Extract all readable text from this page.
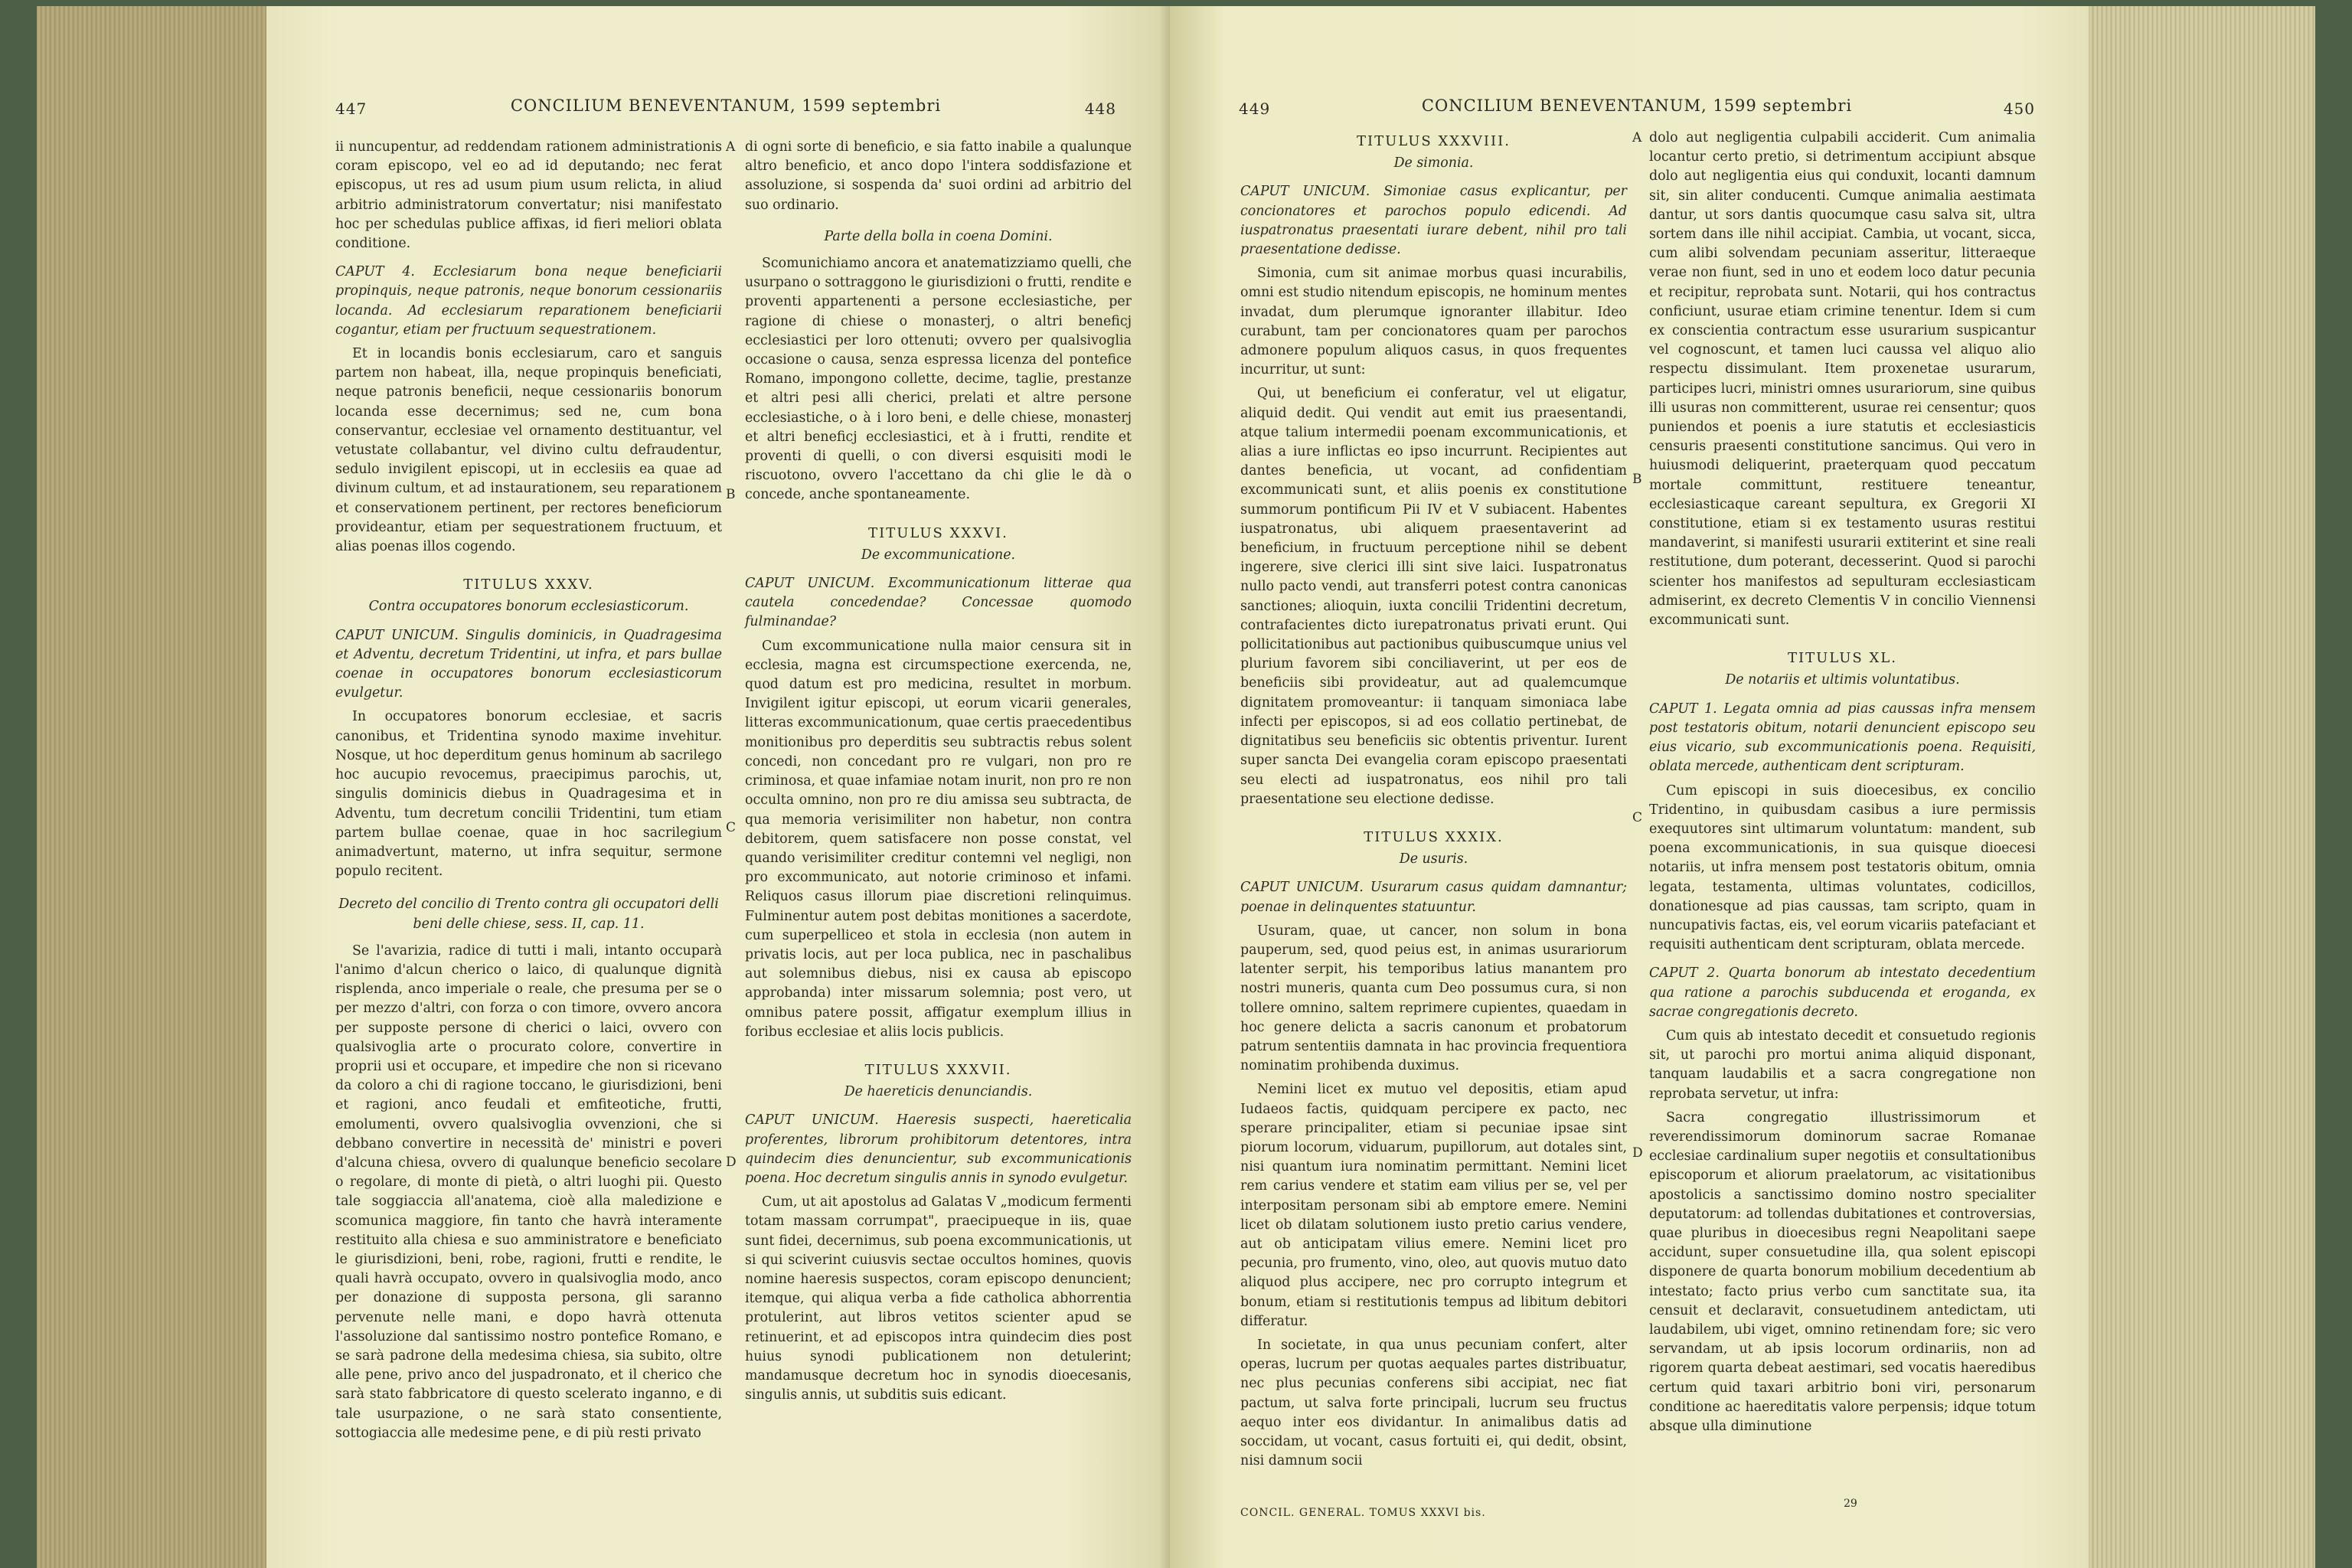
447	CONCILIUM BENEVENTANUM, 1599 septembri	448

ii nuncupentur, ad reddendam rationem administrationis coram episcopo, vel eo ad id deputando; nec ferat episcopus, ut res ad usum pium usum relicta, in aliud arbitrio administratorum convertatur; nisi manifestato hoc per schedulas publice affixas, id fieri meliori oblata conditione.

CAPUT 4. Ecclesiarum bona neque beneficiarii propinquis, neque patronis, neque bonorum cessionariis locanda. Ad ecclesiarum reparationem beneficiarii cogantur, etiam per fructuum sequestrationem.

Et in locandis bonis ecclesiarum, caro et sanguis partem non habeat, illa, neque propinquis beneficiati, neque patronis beneficii, neque cessionariis bonorum locanda esse decernimus; sed ne, cum bona conservantur, ecclesiae vel ornamento destituantur, vel vetustate collabantur, vel divino cultu defraudentur, sedulo invigilent episcopi, ut in ecclesiis ea quae ad divinum cultum, et ad instaurationem, seu reparationem et conservationem pertinent, per rectores beneficiorum provideantur, etiam per sequestrationem fructuum, et alias poenas illos cogendo.

TITULUS XXXV.
Contra occupatores bonorum ecclesiasticorum.

CAPUT UNICUM. Singulis dominicis, in Quadragesima et Adventu, decretum Tridentini, ut infra, et pars bullae coenae in occupatores bonorum ecclesiasticorum evulgetur.

In occupatores bonorum ecclesiae, et sacris canonibus, et Tridentina synodo maxime invehitur. Nosque, ut hoc deperditum genus hominum ab sacrilego hoc aucupio revocemus, praecipimus parochis, ut, singulis dominicis diebus in Quadragesima et in Adventu, tum decretum concilii Tridentini, tum etiam partem bullae coenae, quae in hoc sacrilegium animadvertunt, materno, ut infra sequitur, sermone populo recitent.

Decreto del concilio di Trento contra gli occupatori delli beni delle chiese, sess. II, cap. 11.

Se l'avarizia, radice di tutti i mali, intanto occuparà l'animo d'alcun cherico o laico, di qualunque dignità risplenda, anco imperiale o reale, che presuma per se o per mezzo d'altri, con forza o con timore, ovvero ancora per supposte persone di cherici o laici, ovvero con qualsivoglia arte o procurato colore, convertire in proprii usi et occupare, et impedire che non si ricevano da coloro a chi di ragione toccano, le giurisdizioni, beni et ragioni, anco feudali et emfiteotiche, frutti, emolumenti, ovvero qualsivoglia ovvenzioni, che si debbano convertire in necessità de' ministri e poveri d'alcuna chiesa, ovvero di qualunque beneficio secolare o regolare, di monte di pietà, o altri luoghi pii. Questo tale soggiaccia all'anatema, cioè alla maledizione e scomunica maggiore, fin tanto che havrà interamente restituito alla chiesa e suo amministratore e beneficiato le giurisdizioni, beni, robe, ragioni, frutti e rendite, le quali havrà occupato, ovvero in qualsivoglia modo, anco per donazione di supposta persona, gli saranno pervenute nelle mani, e dopo havrà ottenuta l'assoluzione dal santissimo nostro pontefice Romano, e se sarà padrone della medesima chiesa, sia subito, oltre alle pene, privo anco del juspadronato, et il cherico che sarà stato fabbricatore di questo scelerato inganno, e di tale usurpazione, o ne sarà stato consentiente, sottogiaccia alle medesime pene, e di più resti privato

di ogni sorte di beneficio, e sia fatto inabile a qualunque altro beneficio, et anco dopo l'intera soddisfazione et assoluzione, si sospenda da' suoi ordini ad arbitrio del suo ordinario.

Parte della bolla in coena Domini.

Scomunichiamo ancora et anatematizziamo quelli, che usurpano o sottraggono le giurisdizioni o frutti, rendite e proventi appartenenti a persone ecclesiastiche, per ragione di chiese o monasterj, o altri beneficj ecclesiastici per loro ottenuti; ovvero per qualsivoglia occasione o causa, senza espressa licenza del pontefice Romano, impongono collette, decime, taglie, prestanze et altri pesi alli cherici, prelati et altre persone ecclesiastiche, o à i loro beni, e delle chiese, monasterj et altri beneficj ecclesiastici, et à i frutti, rendite et proventi di quelli, o con diversi esquisiti modi le riscuotono, ovvero l'accettano da chi glie le dà o concede, anche spontaneamente.

TITULUS XXXVI.
De excommunicatione.

CAPUT UNICUM. Excommunicationum litterae qua cautela concedendae? Concessae quomodo fulminandae?

Cum excommunicatione nulla maior censura sit in ecclesia, magna est circumspectione exercenda, ne, quod datum est pro medicina, resultet in morbum. Invigilent igitur episcopi, ut eorum vicarii generales, litteras excommunicationum, quae certis praecedentibus monitionibus pro deperditis seu subtractis rebus solent concedi, non concedant pro re vulgari, non pro re criminosa, et quae infamiae notam inurit, non pro re non occulta omnino, non pro re diu amissa seu subtracta, de qua memoria verisimiliter non habetur, non contra debitorem, quem satisfacere non posse constat, vel quando verisimiliter creditur contemni vel negligi, non pro excommunicato, aut notorie criminoso et infami. Reliquos casus illorum piae discretioni relinquimus. Fulminentur autem post debitas monitiones a sacerdote, cum superpelliceo et stola in ecclesia (non autem in privatis locis, aut per loca publica, nec in paschalibus aut solemnibus diebus, nisi ex causa ab episcopo approbanda) inter missarum solemnia; post vero, ut omnibus patere possit, affigatur exemplum illius in foribus ecclesiae et aliis locis publicis.

TITULUS XXXVII.
De haereticis denunciandis.

CAPUT UNICUM. Haeresis suspecti, haereticalia proferentes, librorum prohibitorum detentores, intra quindecim dies denuncientur, sub excommunicationis poena. Hoc decretum singulis annis in synodo evulgetur.

Cum, ut ait apostolus ad Galatas V „modicum fermenti totam massam corrumpat", praecipueque in iis, quae sunt fidei, decernimus, sub poena excommunicationis, ut si qui sciverint cuiusvis sectae occultos homines, quovis nomine haeresis suspectos, coram episcopo denuncient; itemque, qui aliqua verba a fide catholica abhorrentia protulerint, aut libros vetitos scienter apud se retinuerint, et ad episcopos intra quindecim dies post huius synodi publicationem non detulerint; mandamusque decretum hoc in synodis dioecesanis, singulis annis, ut subditis suis edicant.

A
B
C
D
449	CONCILIUM BENEVENTANUM, 1599 septembri	450
TITULUS XXXVIII.
De simonia.

CAPUT UNICUM. Simoniae casus explicantur, per concionatores et parochos populo edicendi. Ad iuspatronatus praesentati iurare debent, nihil pro tali praesentatione dedisse.

Simonia, cum sit animae morbus quasi incurabilis, omni est studio nitendum episcopis, ne hominum mentes invadat, dum plerumque ignoranter illabitur. Ideo curabunt, tam per concionatores quam per parochos admonere populum aliquos casus, in quos frequentes incurritur, ut sunt:

Qui, ut beneficium ei conferatur, vel ut eligatur, aliquid dedit. Qui vendit aut emit ius praesentandi, atque talium intermedii poenam excommunicationis, et alias a iure inflictas eo ipso incurrunt. Recipientes aut dantes beneficia, ut vocant, ad confidentiam excommunicati sunt, et aliis poenis ex constitutione summorum pontificum Pii IV et V subiacent. Habentes iuspatronatus, ubi aliquem praesentaverint ad beneficium, in fructuum perceptione nihil se debent ingerere, sive clerici illi sint sive laici. Iuspatronatus nullo pacto vendi, aut transferri potest contra canonicas sanctiones; alioquin, iuxta concilii Tridentini decretum, contrafacientes dicto iurepatronatus privati erunt. Qui pollicitationibus aut pactionibus quibuscumque unius vel plurium favorem sibi conciliaverint, ut per eos de beneficiis sibi provideatur, aut ad qualemcumque dignitatem promoveantur: ii tanquam simoniaca labe infecti per episcopos, si ad eos collatio pertinebat, de dignitatibus seu beneficiis sic obtentis priventur. Iurent super sancta Dei evangelia coram episcopo praesentati seu electi ad iuspatronatus, eos nihil pro tali praesentatione seu electione dedisse.

TITULUS XXXIX.
De usuris.

CAPUT UNICUM. Usurarum casus quidam damnantur; poenae in delinquentes statuuntur.

Usuram, quae, ut cancer, non solum in bona pauperum, sed, quod peius est, in animas usurariorum latenter serpit, his temporibus latius manantem pro nostri muneris, quanta cum Deo possumus cura, si non tollere omnino, saltem reprimere cupientes, quaedam in hoc genere delicta a sacris canonum et probatorum patrum sententiis damnata in hac provincia frequentiora nominatim prohibenda duximus.

Nemini licet ex mutuo vel depositis, etiam apud Iudaeos factis, quidquam percipere ex pacto, nec sperare principaliter, etiam si pecuniae ipsae sint piorum locorum, viduarum, pupillorum, aut dotales sint, nisi quantum iura nominatim permittant. Nemini licet rem carius vendere et statim eam vilius per se, vel per interpositam personam sibi ab emptore emere. Nemini licet ob dilatam solutionem iusto pretio carius vendere, aut ob anticipatam vilius emere. Nemini licet pro pecunia, pro frumento, vino, oleo, aut quovis mutuo dato aliquod plus accipere, nec pro corrupto integrum et bonum, etiam si restitutionis tempus ad libitum debitori differatur.

In societate, in qua unus pecuniam confert, alter operas, lucrum per quotas aequales partes distribuatur, nec plus pecunias conferens sibi accipiat, nec fiat pactum, ut salva forte principali, lucrum seu fructus aequo inter eos dividantur. In animalibus datis ad soccidam, ut vocant, casus fortuiti ei, qui dedit, obsint, nisi damnum socii

dolo aut negligentia culpabili acciderit. Cum animalia locantur certo pretio, si detrimentum accipiunt absque dolo aut negligentia eius qui conduxit, locanti damnum sit, sin aliter conducenti. Cumque animalia aestimata dantur, ut sors dantis quocumque casu salva sit, ultra sortem dans ille nihil accipiat. Cambia, ut vocant, sicca, cum alibi solvendam pecuniam asseritur, litteraeque verae non fiunt, sed in uno et eodem loco datur pecunia et recipitur, reprobata sunt. Notarii, qui hos contractus conficiunt, usurae etiam crimine tenentur. Idem si cum ex conscientia contractum esse usurarium suspicantur vel cognoscunt, et tamen luci caussa vel aliquo alio respectu dissimulant. Item proxenetae usurarum, participes lucri, ministri omnes usurariorum, sine quibus illi usuras non committerent, usurae rei censentur; quos puniendos et poenis a iure statutis et ecclesiasticis censuris praesenti constitutione sancimus. Qui vero in huiusmodi deliquerint, praeterquam quod peccatum mortale committunt, restituere teneantur, ecclesiasticaque careant sepultura, ex Gregorii XI constitutione, etiam si ex testamento usuras restitui mandaverint, si manifesti usurarii extiterint et sine reali restitutione, dum poterant, decesserint. Quod si parochi scienter hos manifestos ad sepulturam ecclesiasticam admiserint, ex decreto Clementis V in concilio Viennensi excommunicati sunt.

TITULUS XL.
De notariis et ultimis voluntatibus.

CAPUT 1. Legata omnia ad pias caussas infra mensem post testatoris obitum, notarii denuncient episcopo seu eius vicario, sub excommunicationis poena. Requisiti, oblata mercede, authenticam dent scripturam.

Cum episcopi in suis dioecesibus, ex concilio Tridentino, in quibusdam casibus a iure permissis exequutores sint ultimarum voluntatum: mandent, sub poena excommunicationis, in sua quisque dioecesi notariis, ut infra mensem post testatoris obitum, omnia legata, testamenta, ultimas voluntates, codicillos, donationesque ad pias caussas, tam scripto, quam in nuncupativis factas, eis, vel eorum vicariis patefaciant et requisiti authenticam dent scripturam, oblata mercede.

CAPUT 2. Quarta bonorum ab intestato decedentium qua ratione a parochis subducenda et eroganda, ex sacrae congregationis decreto.

Cum quis ab intestato decedit et consuetudo regionis sit, ut parochi pro mortui anima aliquid disponant, tanquam laudabilis et a sacra congregatione non reprobata servetur, ut infra:

Sacra congregatio illustrissimorum et reverendissimorum dominorum sacrae Romanae ecclesiae cardinalium super negotiis et consultationibus episcoporum et aliorum praelatorum, ac visitationibus apostolicis a sanctissimo domino nostro specialiter deputatorum: ad tollendas dubitationes et controversias, quae pluribus in dioecesibus regni Neapolitani saepe accidunt, super consuetudine illa, qua solent episcopi disponere de quarta bonorum mobilium decedentium ab intestato; facto prius verbo cum sanctitate sua, ita censuit et declaravit, consuetudinem antedictam, uti laudabilem, ubi viget, omnino retinendam fore; sic vero servandam, ut ab ipsis locorum ordinariis, non ad rigorem quarta debeat aestimari, sed vocatis haeredibus certum quid taxari arbitrio boni viri, personarum conditione ac haereditatis valore perpensis; idque totum absque ulla diminutione

A
B
C
D
CONCIL. GENERAL. TOMUS XXXVI bis.
29
